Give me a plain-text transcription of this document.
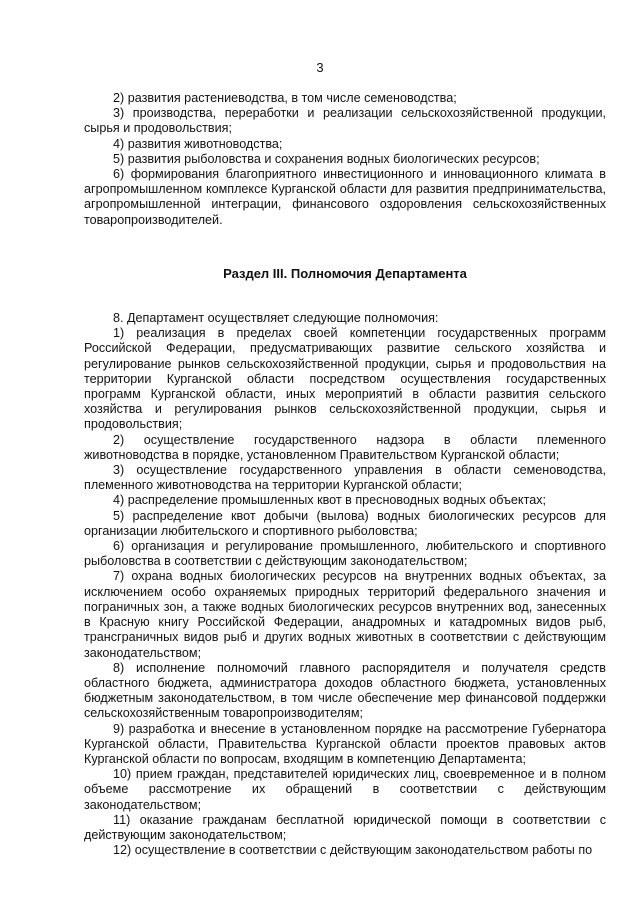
3

2) развития растениеводства, в том числе семеноводства;

3) производства, переработки и реализации сельскохозяйственной продукции, сырья и продовольствия;

4) развития животноводства;

5) развития рыболовства и сохранения водных биологических ресурсов;

6) формирования благоприятного инвестиционного и инновационного климата в агропромышленном комплексе Курганской области для развития предпринимательства, агропромышленной интеграции, финансового оздоровления сельскохозяйственных товаропроизводителей.

Раздел III. Полномочия Департамента

8. Департамент осуществляет следующие полномочия:

1) реализация в пределах своей компетенции государственных программ Российской Федерации, предусматривающих развитие сельского хозяйства и регулирование рынков сельскохозяйственной продукции, сырья и продовольствия на территории Курганской области посредством осуществления государственных программ Курганской области, иных мероприятий в области развития сельского хозяйства и регулирования рынков сельскохозяйственной продукции, сырья и продовольствия;

2) осуществление государственного надзора в области племенного животноводства в порядке, установленном Правительством Курганской области;

3) осуществление государственного управления в области семеноводства, племенного животноводства на территории Курганской области;

4) распределение промышленных квот в пресноводных водных объектах;

5) распределение квот добычи (вылова) водных биологических ресурсов для организации любительского и спортивного рыболовства;

6) организация и регулирование промышленного, любительского и спортивного рыболовства в соответствии с действующим законодательством;

7) охрана водных биологических ресурсов на внутренних водных объектах, за исключением особо охраняемых природных территорий федерального значения и пограничных зон, а также водных биологических ресурсов внутренних вод, занесенных в Красную книгу Российской Федерации, анадромных и катадромных видов рыб, трансграничных видов рыб и других водных животных в соответствии с действующим законодательством;

8) исполнение полномочий главного распорядителя и получателя средств областного бюджета, администратора доходов областного бюджета, установленных бюджетным законодательством, в том числе обеспечение мер финансовой поддержки сельскохозяйственным товаропроизводителям;

9) разработка и внесение в установленном порядке на рассмотрение Губернатора Курганской области, Правительства Курганской области проектов правовых актов Курганской области по вопросам, входящим в компетенцию Департамента;

10) прием граждан, представителей юридических лиц, своевременное и в полном объеме рассмотрение их обращений в соответствии с действующим законодательством;

11) оказание гражданам бесплатной юридической помощи в соответствии с действующим законодательством;

12) осуществление в соответствии с действующим законодательством работы по
